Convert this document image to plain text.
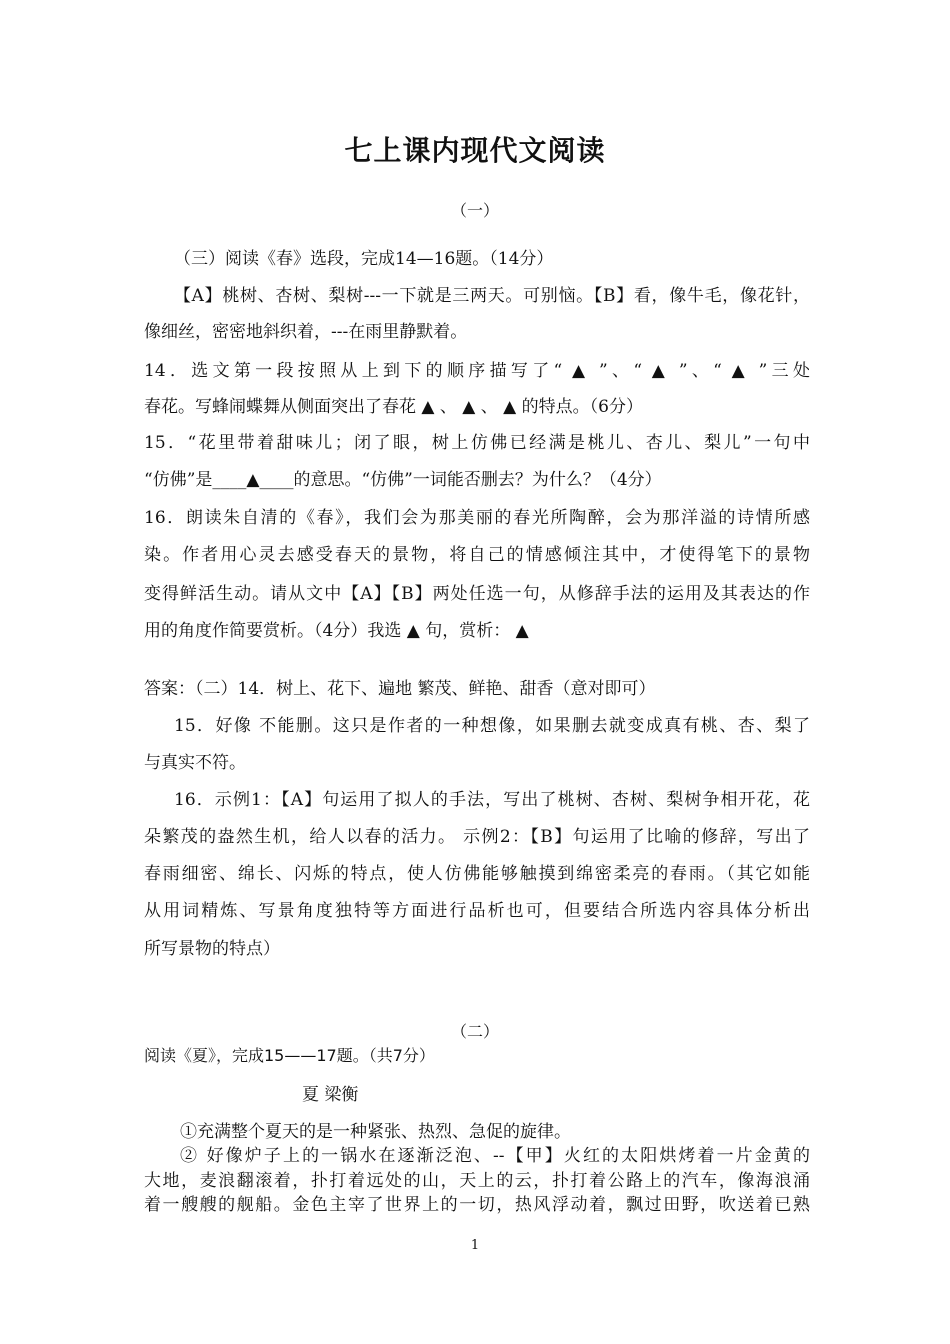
七上课内现代文阅读
（一）
（三）阅读《春》选段，完成14—16题。（14分）
【A】桃树、杏树、梨树---一下就是三两天。可别恼。【B】看，像牛毛，像花针，
像细丝，密密地斜织着，---在雨里静默着。
14．选文第一段按照从上到下的顺序描写了“ ▲ ”、“ ▲ ”、“ ▲ ”三处
春花。写蜂闹蝶舞从侧面突出了春花 ▲ 、 ▲ 、 ▲ 的特点。（6分）
15．“花里带着甜味儿；闭了眼，树上仿佛已经满是桃儿、杏儿、梨儿”一句中
“仿佛”是____▲____的意思。“仿佛”一词能否删去？为什么？（4分）
16．朗读朱自清的《春》，我们会为那美丽的春光所陶醉，会为那洋溢的诗情所感
染。作者用心灵去感受春天的景物，将自己的情感倾注其中，才使得笔下的景物
变得鲜活生动。请从文中【A】【B】两处任选一句，从修辞手法的运用及其表达的作
用的角度作简要赏析。（4分）我选 ▲ 句，赏析： ▲
答案：（二）14．树上、花下、遍地 繁茂、鲜艳、甜香（意对即可）
15．好像 不能删。这只是作者的一种想像，如果删去就变成真有桃、杏、梨了
与真实不符。
16．示例1：【A】句运用了拟人的手法，写出了桃树、杏树、梨树争相开花，花
朵繁茂的盎然生机，给人以春的活力。 示例2：【B】句运用了比喻的修辞，写出了
春雨细密、绵长、闪烁的特点，使人仿佛能够触摸到绵密柔亮的春雨。（其它如能
从用词精炼、写景角度独特等方面进行品析也可，但要结合所选内容具体分析出
所写景物的特点）
（二）
阅读《夏》，完成15——17题。（共7分）
夏 梁衡
①充满整个夏天的是一种紧张、热烈、急促的旋律。
② 好像炉子上的一锅水在逐渐泛泡、--【甲】火红的太阳烘烤着一片金黄的
大地，麦浪翻滚着，扑打着远处的山，天上的云，扑打着公路上的汽车，像海浪涌
着一艘艘的舰船。金色主宰了世界上的一切，热风浮动着，飘过田野，吹送着已熟
1
